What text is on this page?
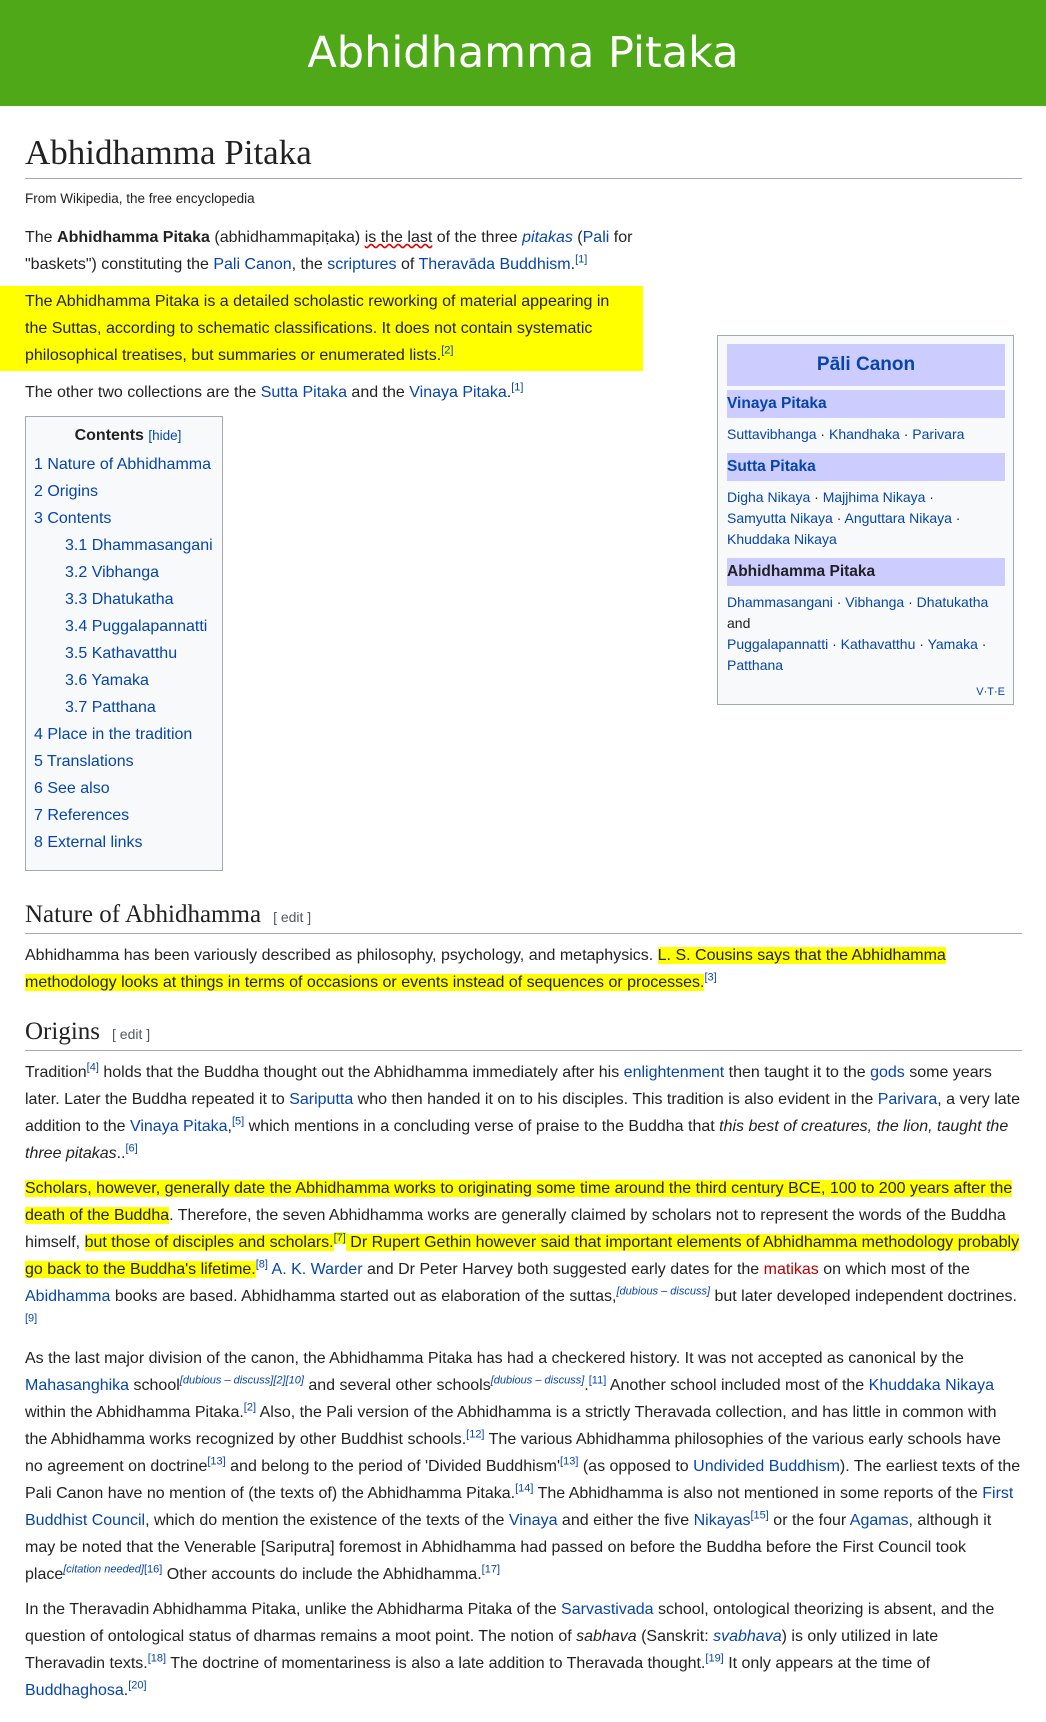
Abhidhamma Pitaka
Abhidhamma Pitaka
From Wikipedia, the free encyclopedia
Pāli Canon
Vinaya Pitaka
Suttavibhanga · Khandhaka · Parivara
Sutta Pitaka
Digha Nikaya · Majjhima Nikaya ·
Samyutta Nikaya · Anguttara Nikaya ·
Khuddaka Nikaya
Abhidhamma Pitaka
Dhammasangani · Vibhanga · Dhatukatha and
Puggalapannatti · Kathavatthu · Yamaka ·
Patthana
V·T·E

The Abhidhamma Pitaka (abhidhammapiṭaka) is the last of the three pitakas (Pali for "baskets") constituting the Pali Canon, the scriptures of Theravāda Buddhism.[1]

The Abhidhamma Pitaka is a detailed scholastic reworking of material appearing in the Suttas, according to schematic classifications. It does not contain systematic philosophical treatises, but summaries or enumerated lists.[2]

The other two collections are the Sutta Pitaka and the Vinaya Pitaka.[1]

Contents [hide]
1 Nature of Abhidhamma
2 Origins
3 Contents
3.1 Dhammasangani
3.2 Vibhanga
3.3 Dhatukatha
3.4 Puggalapannatti
3.5 Kathavatthu
3.6 Yamaka
3.7 Patthana
4 Place in the tradition
5 Translations
6 See also
7 References
8 External links
Nature of Abhidhamma [ edit ]

Abhidhamma has been variously described as philosophy, psychology, and metaphysics. L. S. Cousins says that the Abhidhamma methodology looks at things in terms of occasions or events instead of sequences or processes.[3]

Origins [ edit ]

Tradition[4] holds that the Buddha thought out the Abhidhamma immediately after his enlightenment then taught it to the gods some years later. Later the Buddha repeated it to Sariputta who then handed it on to his disciples. This tradition is also evident in the Parivara, a very late addition to the Vinaya Pitaka,[5] which mentions in a concluding verse of praise to the Buddha that this best of creatures, the lion, taught the three pitakas..[6]

Scholars, however, generally date the Abhidhamma works to originating some time around the third century BCE, 100 to 200 years after the death of the Buddha. Therefore, the seven Abhidhamma works are generally claimed by scholars not to represent the words of the Buddha himself, but those of disciples and scholars.[7] Dr Rupert Gethin however said that important elements of Abhidhamma methodology probably go back to the Buddha's lifetime.[8] A. K. Warder and Dr Peter Harvey both suggested early dates for the matikas on which most of the Abidhamma books are based. Abhidhamma started out as elaboration of the suttas,[dubious – discuss] but later developed independent doctrines.[9]

As the last major division of the canon, the Abhidhamma Pitaka has had a checkered history. It was not accepted as canonical by the Mahasanghika school[dubious – discuss][2][10] and several other schools[dubious – discuss].[11] Another school included most of the Khuddaka Nikaya within the Abhidhamma Pitaka.[2] Also, the Pali version of the Abhidhamma is a strictly Theravada collection, and has little in common with the Abhidhamma works recognized by other Buddhist schools.[12] The various Abhidhamma philosophies of the various early schools have no agreement on doctrine[13] and belong to the period of 'Divided Buddhism'[13] (as opposed to Undivided Buddhism). The earliest texts of the Pali Canon have no mention of (the texts of) the Abhidhamma Pitaka.[14] The Abhidhamma is also not mentioned in some reports of the First Buddhist Council, which do mention the existence of the texts of the Vinaya and either the five Nikayas[15] or the four Agamas, although it may be noted that the Venerable [Sariputra] foremost in Abhidhamma had passed on before the Buddha before the First Council took place[citation needed][16] Other accounts do include the Abhidhamma.[17]

In the Theravadin Abhidhamma Pitaka, unlike the Abhidharma Pitaka of the Sarvastivada school, ontological theorizing is absent, and the question of ontological status of dharmas remains a moot point. The notion of sabhava (Sanskrit: svabhava) is only utilized in late Theravadin texts.[18] The doctrine of momentariness is also a late addition to Theravada thought.[19] It only appears at the time of Buddhaghosa.[20]
